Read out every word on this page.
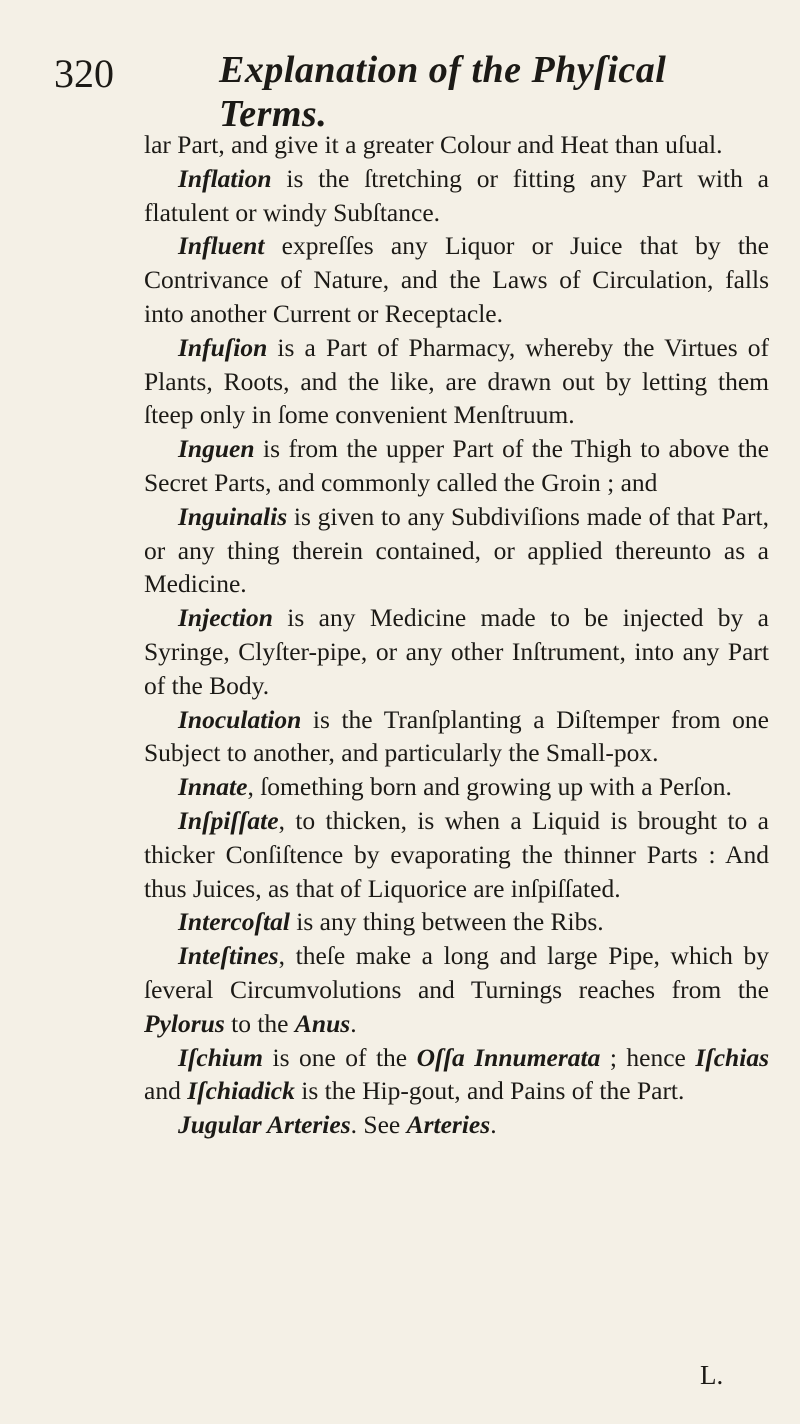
320	Explanation of the Phyſical Terms.

lar Part, and give it a greater Colour and Heat than uſual.

Inflation is the ſtretching or fitting any Part with a flatulent or windy Subſtance.

Influent expreſſes any Liquor or Juice that by the Contrivance of Nature, and the Laws of Circulation, falls into another Current or Receptacle.

Infuſion is a Part of Pharmacy, whereby the Virtues of Plants, Roots, and the like, are drawn out by letting them ſteep only in ſome convenient Menſtruum.

Inguen is from the upper Part of the Thigh to above the Secret Parts, and commonly called the Groin ; and

Inguinalis is given to any Subdiviſions made of that Part, or any thing therein contained, or applied thereunto as a Medicine.

Injection is any Medicine made to be injected by a Syringe, Clyſter-pipe, or any other Inſtrument, into any Part of the Body.

Inoculation is the Tranſplanting a Diſtemper from one Subject to another, and particularly the Small-pox.

Innate, ſomething born and growing up with a Perſon.

Inſpiſſate, to thicken, is when a Liquid is brought to a thicker Conſiſtence by evaporating the thinner Parts : And thus Juices, as that of Liquorice are inſpiſſated.

Intercoſtal is any thing between the Ribs.

Inteſtines, theſe make a long and large Pipe, which by ſeveral Circumvolutions and Turnings reaches from the Pylorus to the Anus.

Iſchium is one of the Oſſa Innumerata ; hence Iſchias and Iſchiadick is the Hip-gout, and Pains of the Part.

Jugular Arteries. See Arteries.

L.
